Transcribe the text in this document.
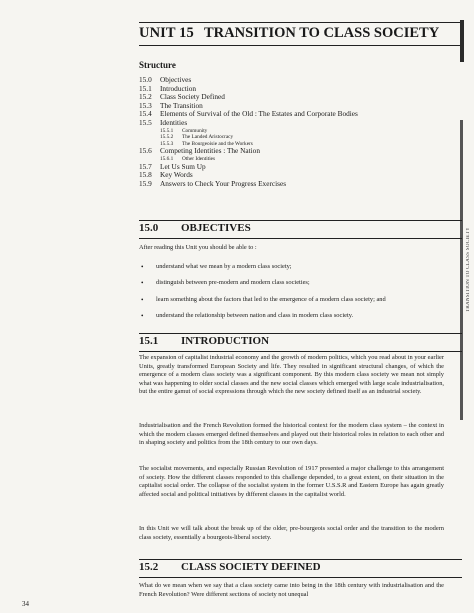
UNIT 15 TRANSITION TO CLASS SOCIETY
Structure
15.0 Objectives
15.1 Introduction
15.2 Class Society Defined
15.3 The Transition
15.4 Elements of Survival of the Old : The Estates and Corporate Bodies
15.5 Identities
15.5.1 Community
15.5.2 The Landed Aristocracy
15.5.3 The Bourgeoisie and the Workers
15.6 Competing Identities : The Nation
15.6.1 Other Identities
15.7 Let Us Sum Up
15.8 Key Words
15.9 Answers to Check Your Progress Exercises
TRANSITION TO CLASS SOCIETY
15.0 OBJECTIVES
After reading this Unit you should be able to :
• understand what we mean by a modern class society;
• distinguish between pre-modern and modern class societies;
• learn something about the factors that led to the emergence of a modern class society; and
• understand the relationship between nation and class in modern class society.
15.1 INTRODUCTION
The expansion of capitalist industrial economy and the growth of modern politics, which you read about in your earlier Units, greatly transformed European Society and life. They resulted in significant structural changes, of which the emergence of a modern class society was a significant component. By this modern class society we mean not simply what was happening to older social classes and the new social classes which emerged with large scale industrialisation, but the entire gamut of social expressions through which the new society defined itself as an industrial society.
Industrialisation and the French Revolution formed the historical context for the modern class system – the context in which the modern classes emerged defined themselves and played out their historical roles in relation to each other and in shaping society and politics from the 18th century to our own days.
The socialist movements, and especially Russian Revolution of 1917 presented a major challenge to this arrangement of society. How the different classes responded to this challenge depended, to a great extent, on their situation in the capitalist social order. The collapse of the socialist system in the former U.S.S.R and Eastern Europe has again greatly affected social and political initiatives by different classes in the capitalist world.
In this Unit we will talk about the break up of the older, pre-bourgeois social order and the transition to the modern class society, essentially a bourgeois-liberal society.
15.2 CLASS SOCIETY DEFINED
What do we mean when we say that a class society came into being in the 18th century with industrialisation and the French Revolution? Were different sections of society not unequal
34
